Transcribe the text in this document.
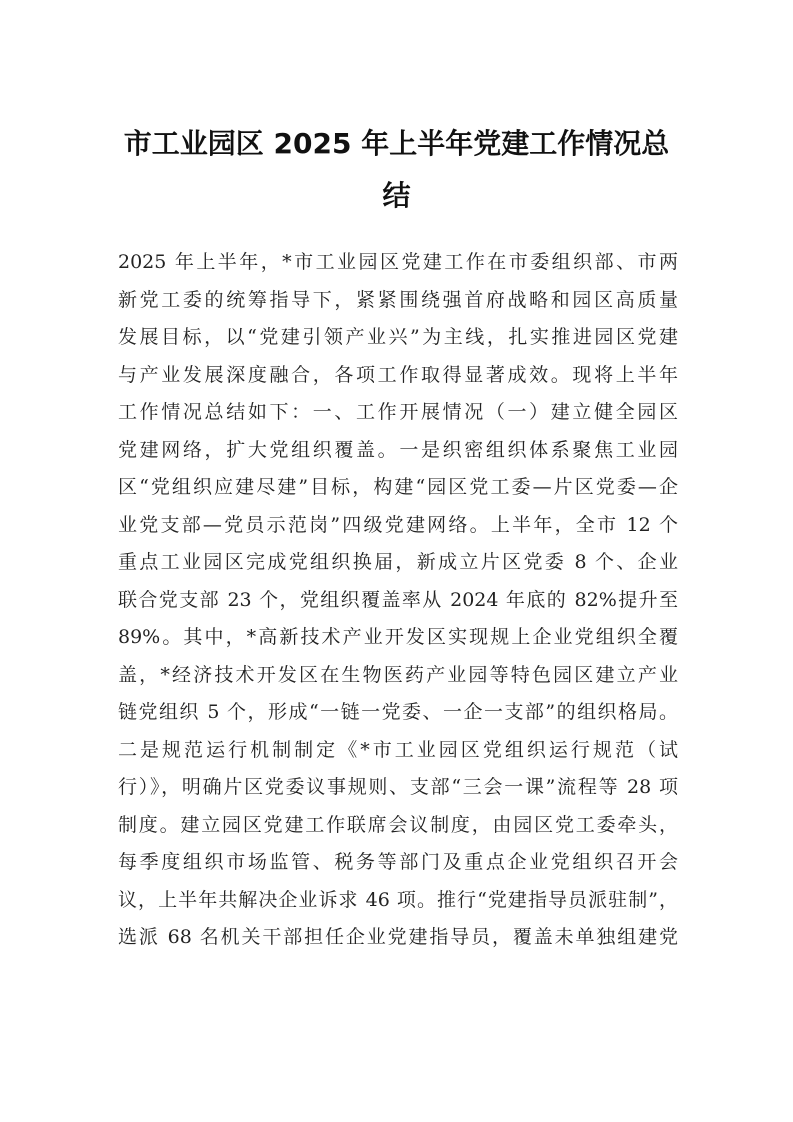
市工业园区 2025 年上半年党建工作情况总
结
2025 年上半年，*市工业园区党建工作在市委组织部、市两
新党工委的统筹指导下，紧紧围绕强首府战略和园区高质量
发展目标，以“党建引领产业兴”为主线，扎实推进园区党建
与产业发展深度融合，各项工作取得显著成效。现将上半年
工作情况总结如下：一、工作开展情况（一）建立健全园区
党建网络，扩大党组织覆盖。一是织密组织体系聚焦工业园
区“党组织应建尽建”目标，构建“园区党工委—片区党委—企
业党支部—党员示范岗”四级党建网络。上半年，全市 12 个
重点工业园区完成党组织换届，新成立片区党委 8 个、企业
联合党支部 23 个，党组织覆盖率从 2024 年底的 82%提升至
89%。其中，*高新技术产业开发区实现规上企业党组织全覆
盖，*经济技术开发区在生物医药产业园等特色园区建立产业
链党组织 5 个，形成“一链一党委、一企一支部”的组织格局。
二是规范运行机制制定《*市工业园区党组织运行规范（试
行）》，明确片区党委议事规则、支部“三会一课”流程等 28 项
制度。建立园区党建工作联席会议制度，由园区党工委牵头，
每季度组织市场监管、税务等部门及重点企业党组织召开会
议，上半年共解决企业诉求 46 项。推行“党建指导员派驻制”，
选派 68 名机关干部担任企业党建指导员，覆盖未单独组建党
